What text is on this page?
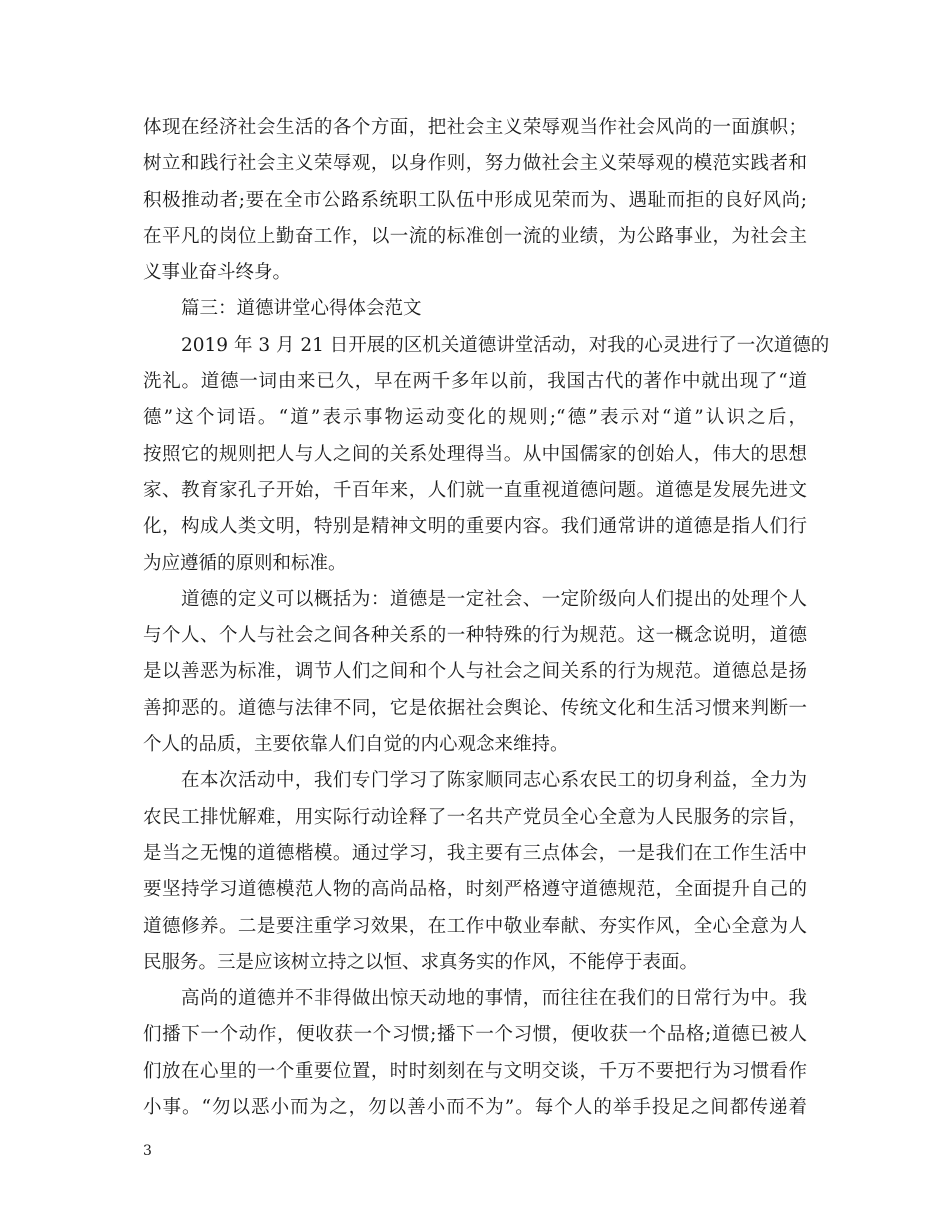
体现在经济社会生活的各个方面，把社会主义荣辱观当作社会风尚的一面旗帜；
树立和践行社会主义荣辱观，以身作则，努力做社会主义荣辱观的模范实践者和
积极推动者;要在全市公路系统职工队伍中形成见荣而为、遇耻而拒的良好风尚;
在平凡的岗位上勤奋工作，以一流的标准创一流的业绩，为公路事业，为社会主
义事业奋斗终身。
篇三：道德讲堂心得体会范文
2019 年 3 月 21 日开展的区机关道德讲堂活动，对我的心灵进行了一次道德的
洗礼。道德一词由来已久，早在两千多年以前，我国古代的著作中就出现了“道
德”这个词语。“道”表示事物运动变化的规则;“德”表示对“道”认识之后，
按照它的规则把人与人之间的关系处理得当。从中国儒家的创始人，伟大的思想
家、教育家孔子开始，千百年来，人们就一直重视道德问题。道德是发展先进文
化，构成人类文明，特别是精神文明的重要内容。我们通常讲的道德是指人们行
为应遵循的原则和标准。
道德的定义可以概括为：道德是一定社会、一定阶级向人们提出的处理个人
与个人、个人与社会之间各种关系的一种特殊的行为规范。这一概念说明，道德
是以善恶为标准，调节人们之间和个人与社会之间关系的行为规范。道德总是扬
善抑恶的。道德与法律不同，它是依据社会舆论、传统文化和生活习惯来判断一
个人的品质，主要依靠人们自觉的内心观念来维持。
在本次活动中，我们专门学习了陈家顺同志心系农民工的切身利益，全力为
农民工排忧解难，用实际行动诠释了一名共产党员全心全意为人民服务的宗旨，
是当之无愧的道德楷模。通过学习，我主要有三点体会，一是我们在工作生活中
要坚持学习道德模范人物的高尚品格，时刻严格遵守道德规范，全面提升自己的
道德修养。二是要注重学习效果，在工作中敬业奉献、夯实作风，全心全意为人
民服务。三是应该树立持之以恒、求真务实的作风，不能停于表面。
高尚的道德并不非得做出惊天动地的事情，而往往在我们的日常行为中。我
们播下一个动作，便收获一个习惯;播下一个习惯，便收获一个品格;道德已被人
们放在心里的一个重要位置，时时刻刻在与文明交谈，千万不要把行为习惯看作
小事。“勿以恶小而为之，勿以善小而不为”。每个人的举手投足之间都传递着
3
